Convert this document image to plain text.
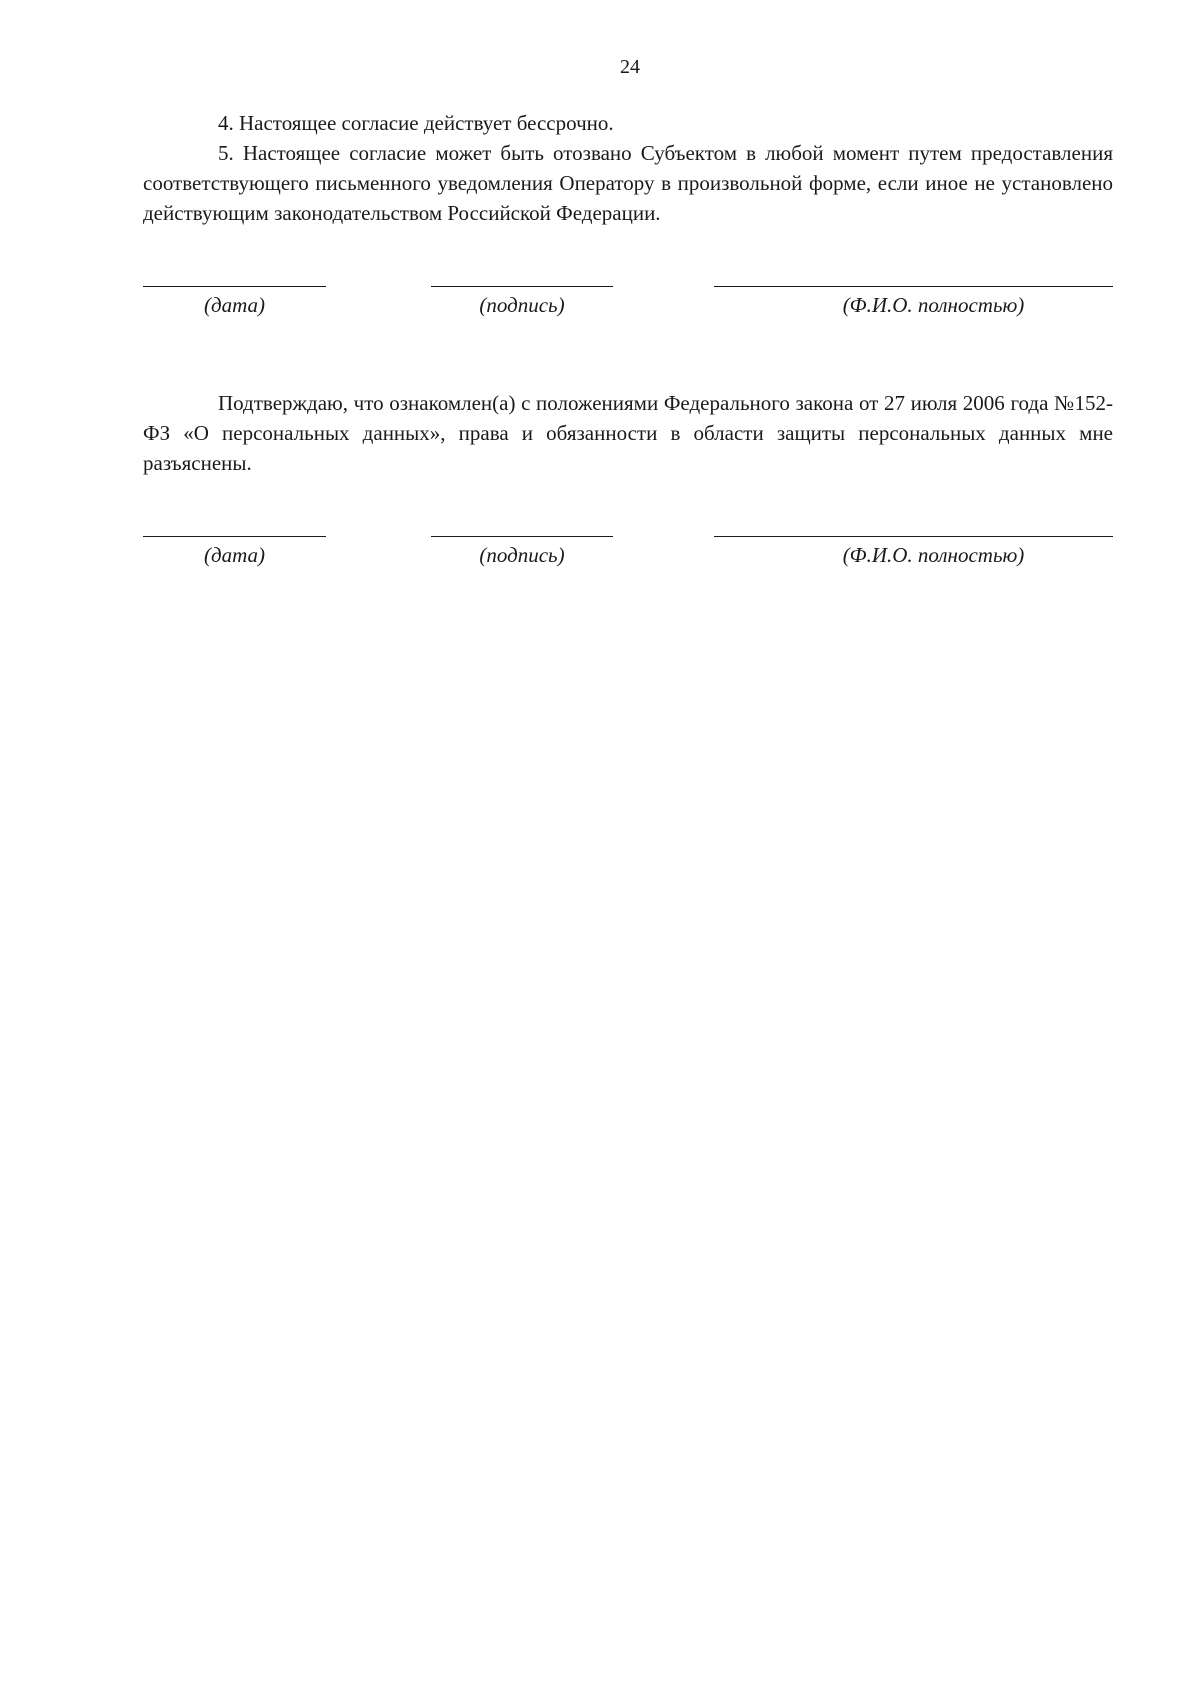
24

4. Настоящее согласие действует бессрочно.

5. Настоящее согласие может быть отозвано Субъектом в любой момент путем предоставления соответствующего письменного уведомления Оператору в произвольной форме, если иное не установлено действующим законодательством Российской Федерации.

(дата)	(подпись)	(Ф.И.О. полностью)

Подтверждаю, что ознакомлен(а) с положениями Федерального закона от 27 июля 2006 года №152-ФЗ «О персональных данных», права и обязанности в области защиты персональных данных мне разъяснены.

(дата)	(подпись)	(Ф.И.О. полностью)
